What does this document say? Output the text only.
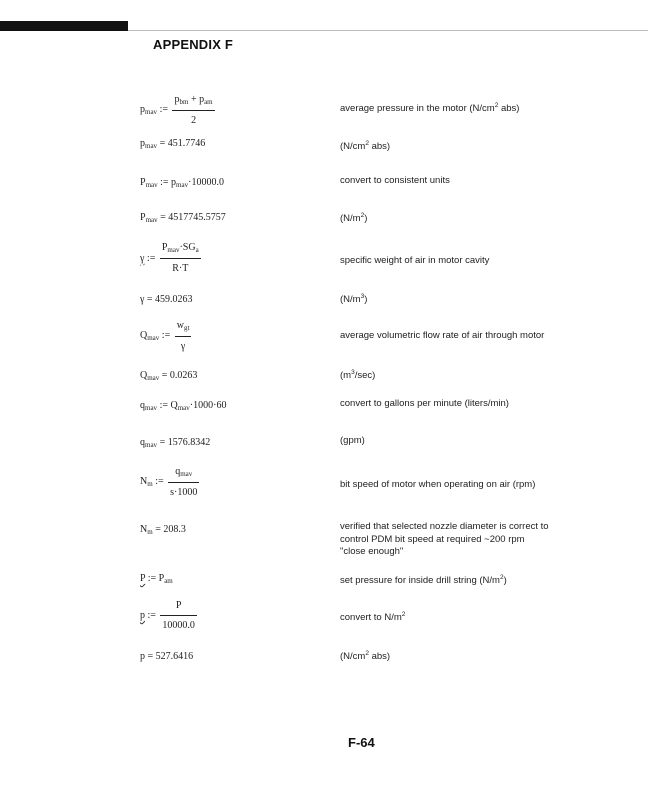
APPENDIX F
$p_{mav}$ := $\frac{p_{bm} + p_{am}}{2}$	average pressure in the motor ($N/cm^2$ abs)
$p_{mav} = 451.7746$	($N/cm^2$ abs)
$P_{mav}$ := $p_{mav}\cdot 10000.0$	convert to consistent units
$P_{mav} = 4517745.5757$	$(N/m^2)$
γ := $\frac{P_{mav}\cdot SG_a}{R\cdot T}$	specific weight of air in motor cavity
γ = 459.0263	$(N/m^3)$
$Q_{mav}$ := $\frac{w_{gt}}{\gamma}$	average volumetric flow rate of air through motor
$Q_{mav} = 0.0263$	$(m^3/\sec)$
$q_{mav}$ := $Q_{mav}\cdot 1000\cdot 60$	convert to gallons per minute (liters/min)
$q_{mav} = 1576.8342$	(gpm)
$N_m$ := $\frac{q_{mav}}{s\cdot 1000}$	bit speed of motor when operating on air (rpm)
$N_m = 208.3$	verified that selected nozzle diameter is correct to
control PDM bit speed at required ~200 rpm
"close enough"
P := $P_{am}$	set pressure for inside drill string $(N/m^2)$
p := $\frac{P}{10000.0}$	convert to $N/m^2$
p = 527.6416	($N/cm^2$ abs)
F-64
